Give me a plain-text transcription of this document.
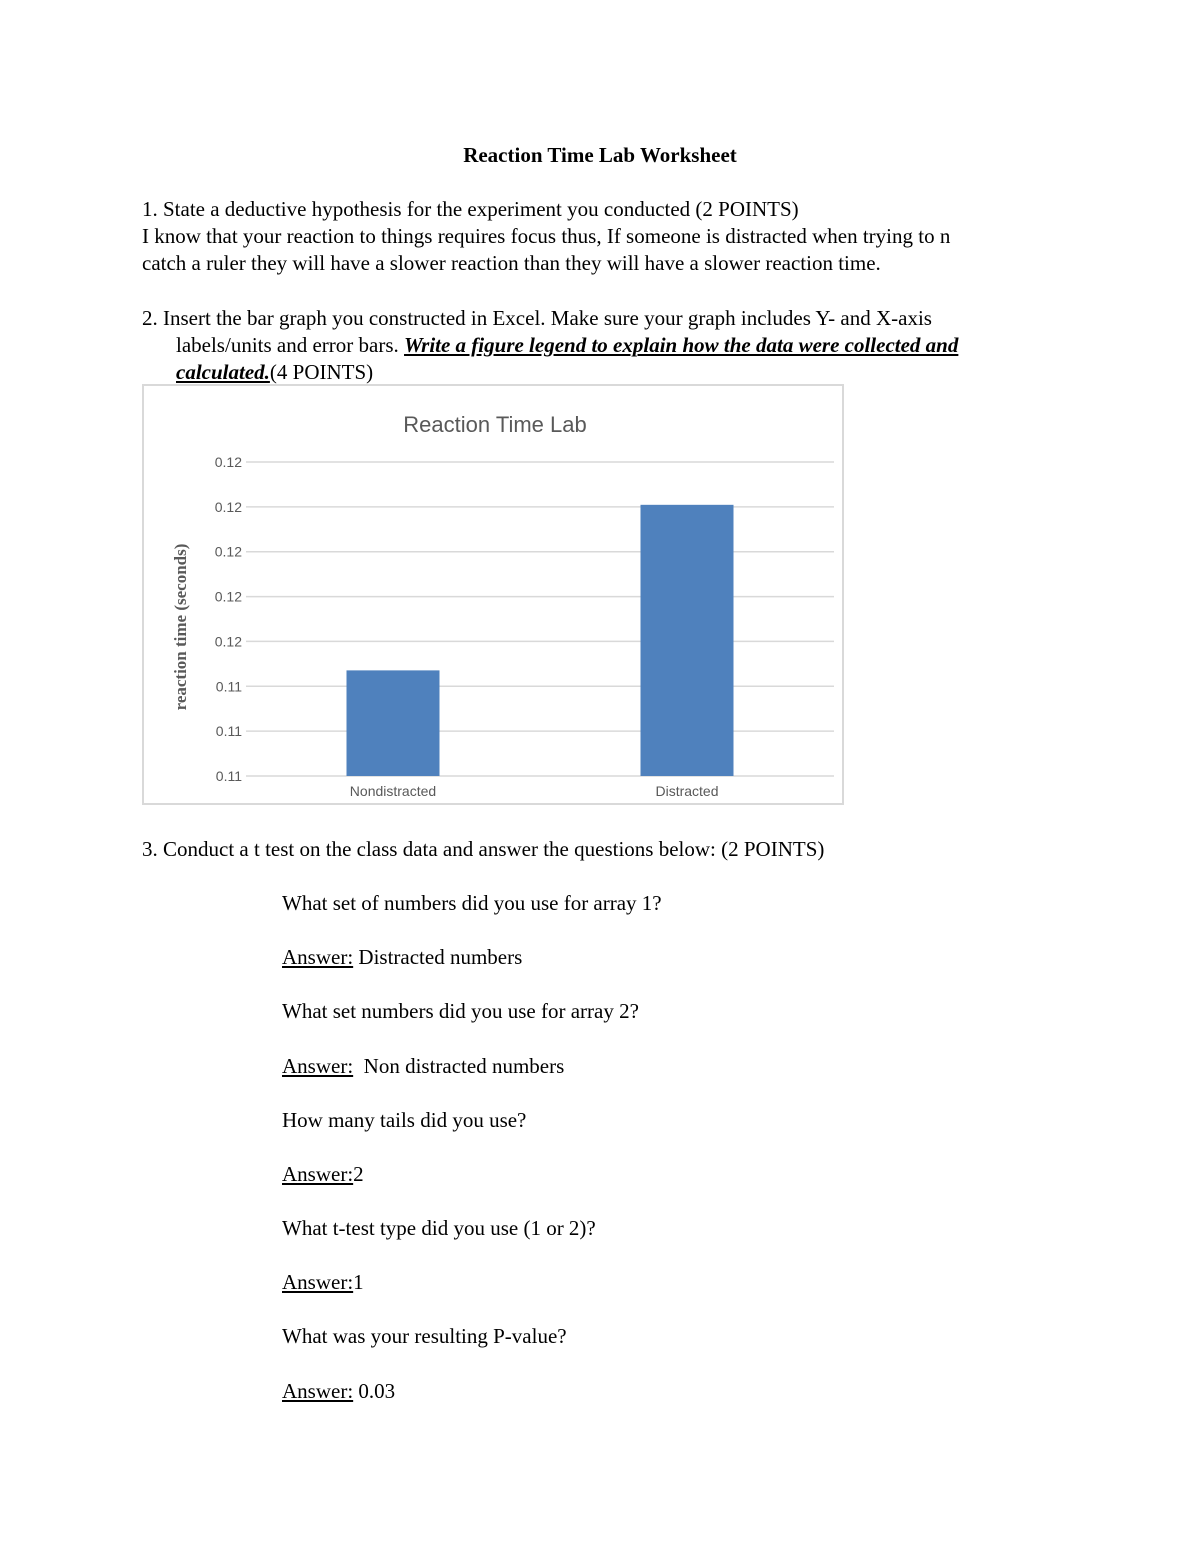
Reaction Time Lab Worksheet
1. State a deductive hypothesis for the experiment you conducted (2 POINTS)
I know that your reaction to things requires focus thus, If someone is distracted when trying to n
catch a ruler they will have a slower reaction than they will have a slower reaction time.
2. Insert the bar graph you constructed in Excel. Make sure your graph includes Y- and X-axis
labels/units and error bars. Write a figure legend to explain how the data were collected and
calculated.(4 POINTS)
Reaction Time Lab
reaction time (seconds)
0.11
0.11
0.11
0.12
0.12
0.12
0.12
0.12
Nondistracted	Distracted
3. Conduct a t test on the class data and answer the questions below: (2 POINTS)
What set of numbers did you use for array 1?
Answer: Distracted numbers
What set numbers did you use for array 2?
Answer:  Non distracted numbers
How many tails did you use?
Answer:2
What t-test type did you use (1 or 2)?
Answer:1
What was your resulting P-value?
Answer: 0.03
